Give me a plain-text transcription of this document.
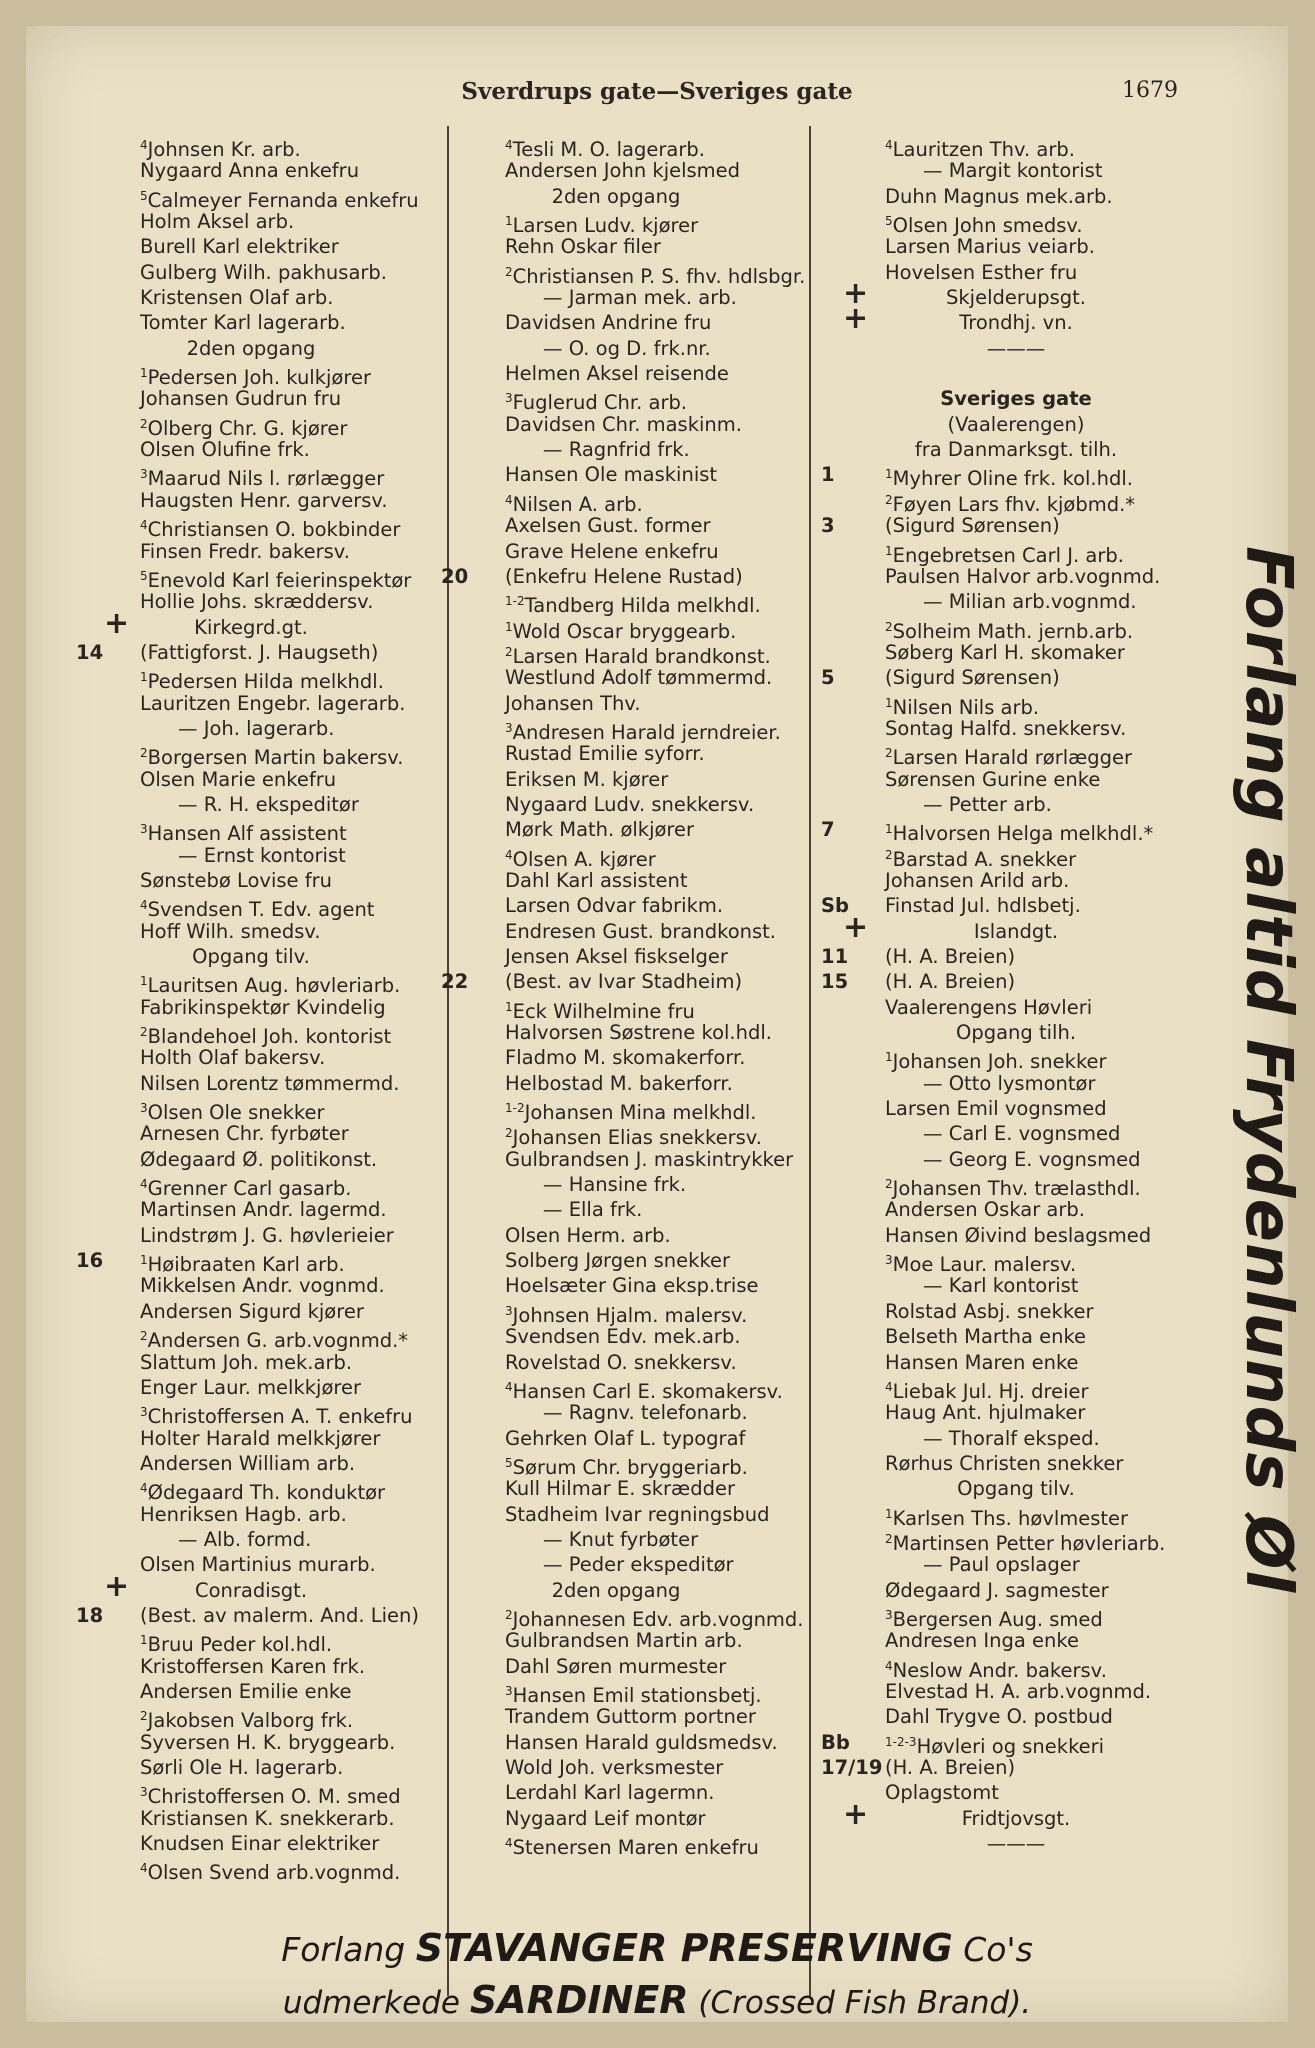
Sverdrups gate—Sveriges gate	1679
$^4$Johnsen Kr. arb.
Nygaard Anna enkefru
$^5$Calmeyer Fernanda enkefru
Holm Aksel arb.
Burell Karl elektriker
Gulberg Wilh. pakhusarb.
Kristensen Olaf arb.
Tomter Karl lagerarb.
2den opgang
$^1$Pedersen Joh. kulkjører
Johansen Gudrun fru
$^2$Olberg Chr. G. kjører
Olsen Olufine frk.
$^3$Maarud Nils l. rørlægger
Haugsten Henr. garversv.
$^4$Christiansen O. bokbinder
Finsen Fredr. bakersv.
$^5$Enevold Karl feierinspektør
Hollie Johs. skræddersv.
+	Kirkegrd.gt.
14	(Fattigforst. J. Haugseth)
$^1$Pedersen Hilda melkhdl.
Lauritzen Engebr. lagerarb.
— Joh. lagerarb.
$^2$Borgersen Martin bakersv.
Olsen Marie enkefru
— R. H. ekspeditør
$^3$Hansen Alf assistent
— Ernst kontorist
Sønstebø Lovise fru
$^4$Svendsen T. Edv. agent
Hoff Wilh. smedsv.
Opgang tilv.
$^1$Lauritsen Aug. høvleriarb.
Fabrikinspektør Kvindelig
$^2$Blandehoel Joh. kontorist
Holth Olaf bakersv.
Nilsen Lorentz tømmermd.
$^3$Olsen Ole snekker
Arnesen Chr. fyrbøter
Ødegaard Ø. politikonst.
$^4$Grenner Carl gasarb.
Martinsen Andr. lagermd.
Lindstrøm J. G. høvlerieier
16	$^1$Høibraaten Karl arb.
Mikkelsen Andr. vognmd.
Andersen Sigurd kjører
$^2$Andersen G. arb.vognmd.*
Slattum Joh. mek.arb.
Enger Laur. melkkjører
$^3$Christoffersen A. T. enkefru
Holter Harald melkkjører
Andersen William arb.
$^4$Ødegaard Th. konduktør
Henriksen Hagb. arb.
— Alb. formd.
Olsen Martinius murarb.
+	Conradisgt.
18	(Best. av malerm. And. Lien)
$^1$Bruu Peder kol.hdl.
Kristoffersen Karen frk.
Andersen Emilie enke
$^2$Jakobsen Valborg frk.
Syversen H. K. bryggearb.
Sørli Ole H. lagerarb.
$^3$Christoffersen O. M. smed
Kristiansen K. snekkerarb.
Knudsen Einar elektriker
$^4$Olsen Svend arb.vognmd.
$^4$Tesli M. O. lagerarb.
Andersen John kjelsmed
2den opgang
$^1$Larsen Ludv. kjører
Rehn Oskar filer
$^2$Christiansen P. S. fhv. hdlsbgr.
— Jarman mek. arb.
Davidsen Andrine fru
— O. og D. frk.nr.
Helmen Aksel reisende
$^3$Fuglerud Chr. arb.
Davidsen Chr. maskinm.
— Ragnfrid frk.
Hansen Ole maskinist
$^4$Nilsen A. arb.
Axelsen Gust. former
Grave Helene enkefru
20	(Enkefru Helene Rustad)
$^{1-2}$Tandberg Hilda melkhdl.
$^1$Wold Oscar bryggearb.
$^2$Larsen Harald brandkonst.
Westlund Adolf tømmermd.
Johansen Thv.
$^3$Andresen Harald jerndreier.
Rustad Emilie syforr.
Eriksen M. kjører
Nygaard Ludv. snekkersv.
Mørk Math. ølkjører
$^4$Olsen A. kjører
Dahl Karl assistent
Larsen Odvar fabrikm.
Endresen Gust. brandkonst.
Jensen Aksel fiskselger
22	(Best. av Ivar Stadheim)
$^1$Eck Wilhelmine fru
Halvorsen Søstrene kol.hdl.
Fladmo M. skomakerforr.
Helbostad M. bakerforr.
$^{1-2}$Johansen Mina melkhdl.
$^2$Johansen Elias snekkersv.
Gulbrandsen J. maskintrykker
— Hansine frk.
— Ella frk.
Olsen Herm. arb.
Solberg Jørgen snekker
Hoelsæter Gina eksp.trise
$^3$Johnsen Hjalm. malersv.
Svendsen Edv. mek.arb.
Rovelstad O. snekkersv.
$^4$Hansen Carl E. skomakersv.
— Ragnv. telefonarb.
Gehrken Olaf L. typograf
$^5$Sørum Chr. bryggeriarb.
Kull Hilmar E. skrædder
Stadheim Ivar regningsbud
— Knut fyrbøter
— Peder ekspeditør
2den opgang
$^2$Johannesen Edv. arb.vognmd.
Gulbrandsen Martin arb.
Dahl Søren murmester
$^3$Hansen Emil stationsbetj.
Trandem Guttorm portner
Hansen Harald guldsmedsv.
Wold Joh. verksmester
Lerdahl Karl lagermn.
Nygaard Leif montør
$^4$Stenersen Maren enkefru
$^4$Lauritzen Thv. arb.
— Margit kontorist
Duhn Magnus mek.arb.
$^5$Olsen John smedsv.
Larsen Marius veiarb.
Hovelsen Esther fru
+	Skjelderupsgt.
+	Trondhj. vn.
———
Sveriges gate
(Vaalerengen)
fra Danmarksgt. tilh.
1	$^1$Myhrer Oline frk. kol.hdl.
$^2$Føyen Lars fhv. kjøbmd.*
3	(Sigurd Sørensen)
$^1$Engebretsen Carl J. arb.
Paulsen Halvor arb.vognmd.
— Milian arb.vognmd.
$^2$Solheim Math. jernb.arb.
Søberg Karl H. skomaker
5	(Sigurd Sørensen)
$^1$Nilsen Nils arb.
Sontag Halfd. snekkersv.
$^2$Larsen Harald rørlægger
Sørensen Gurine enke
— Petter arb.
7	$^1$Halvorsen Helga melkhdl.*
$^2$Barstad A. snekker
Johansen Arild arb.
Sb	Finstad Jul. hdlsbetj.
+	Islandgt.
11	(H. A. Breien)
15	(H. A. Breien)
Vaalerengens Høvleri
Opgang tilh.
$^1$Johansen Joh. snekker
— Otto lysmontør
Larsen Emil vognsmed
— Carl E. vognsmed
— Georg E. vognsmed
$^2$Johansen Thv. trælasthdl.
Andersen Oskar arb.
Hansen Øivind beslagsmed
$^3$Moe Laur. malersv.
— Karl kontorist
Rolstad Asbj. snekker
Belseth Martha enke
Hansen Maren enke
$^4$Liebak Jul. Hj. dreier
Haug Ant. hjulmaker
— Thoralf eksped.
Rørhus Christen snekker
Opgang tilv.
$^1$Karlsen Ths. høvlmester
$^2$Martinsen Petter høvleriarb.
— Paul opslager
Ødegaard J. sagmester
$^3$Bergersen Aug. smed
Andresen Inga enke
$^4$Neslow Andr. bakersv.
Elvestad H. A. arb.vognmd.
Dahl Trygve O. postbud
Bb	$^{1-2-3}$Høvleri og snekkeri
17/19 (H. A. Breien)
Oplagstomt
+	Fridtjovsgt.
———
Forlang altid Frydenlunds Øl
Forlang STAVANGER PRESERVING Co's
udmerkede SARDINER (Crossed Fish Brand).
